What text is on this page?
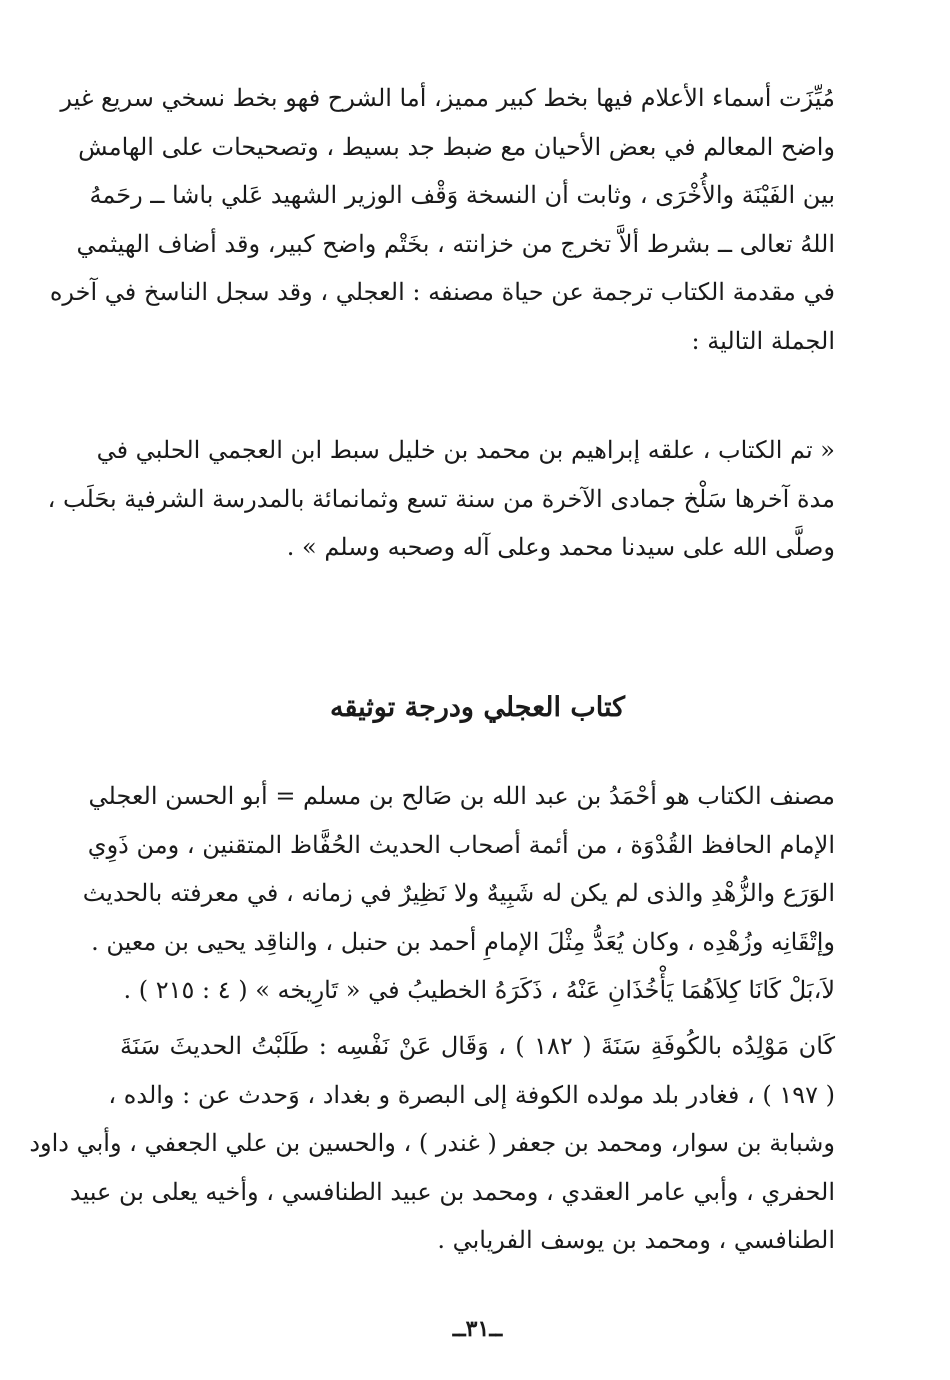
مُيِّزَت أسماء الأعلام فيها بخط كبير مميز، أما الشرح فهو بخط نسخي سريع غير
واضح المعالم في بعض الأحيان مع ضبط جد بسيط ، وتصحيحات على الهامش
بين الفَيْنَة والأُخْرَى ، وثابت أن النسخة وَقْف الوزير الشهيد عَلي باشا ــ رحَمهُ
اللهُ تعالى ــ بشرط ألاَّ تخرج من خزانته ، بخَتْم واضح كبير، وقد أضاف الهيثمي
في مقدمة الكتاب ترجمة عن حياة مصنفه : العجلي ، وقد سجل الناسخ في آخره
الجملة التالية :
« تم الكتاب ، علقه إبراهيم بن محمد بن خليل سبط ابن العجمي الحلبي في
مدة آخرها سَلْخ جمادى الآخرة من سنة تسع وثمانمائة بالمدرسة الشرفية بحَلَب ،
وصلَّى الله على سيدنا محمد وعلى آله وصحبه وسلم » .
كتاب العجلي ودرجة توثيقه
مصنف الكتاب هو أحْمَدُ بن عبد الله بن صَالح بن مسلم = أبو الحسن العجلي
الإمام الحافظ القُدْوَة ، من أئمة أصحاب الحديث الحُفَّاظ المتقنين ، ومن ذَوِي
الوَرَع والزُّهْدِ والذى لم يكن له شَبِيهٌ ولا نَظِيرٌ في زمانه ، في معرفته بالحديث
وإتْقَانِه وزُهْدِه ، وكان يُعَدُّ مِثْلَ الإمامِ أحمد بن حنبل ، والناقِد يحيى بن معين .
لاَ،بَلْ كَانَا كِلاَهُمَا يَأْخُذَانِ عَنْهُ ، ذَكَرَهُ الخطيبُ في « تَارِيخه » ( ٤ : ٢١٥ ) .
كَان مَوْلِدُه بالكُوفَةِ سَنَةَ ( ١٨٢ ) ، وَقَال عَنْ نَفْسِه : طَلَبْتُ الحديثَ سَنَةَ
( ١٩٧ ) ، فغادر بلد مولده الكوفة إلى البصرة و بغداد ، وَحدث عن : والده ،
وشبابة بن سوار، ومحمد بن جعفر ( غندر ) ، والحسين بن علي الجعفي ، وأبي داود
الحفري ، وأبي عامر العقدي ، ومحمد بن عبيد الطنافسي ، وأخيه يعلى بن عبيد
الطنافسي ، ومحمد بن يوسف الفريابي .
ــ٣١ــ
